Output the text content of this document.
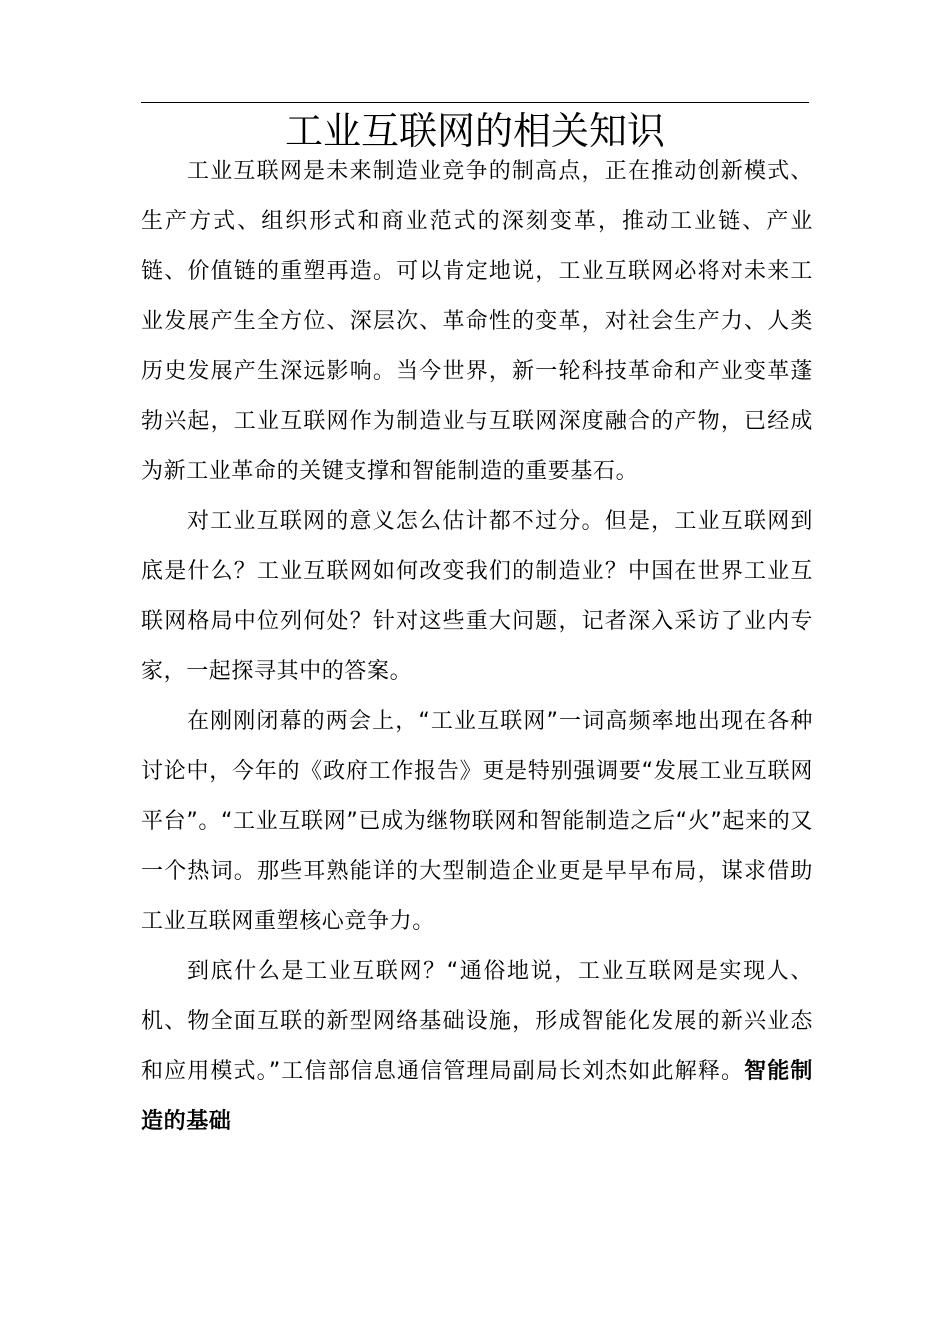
工业互联网的相关知识

工业互联网是未来制造业竞争的制高点，正在推动创新模式、生产方式、组织形式和商业范式的深刻变革，推动工业链、产业链、价值链的重塑再造。可以肯定地说，工业互联网必将对未来工业发展产生全方位、深层次、革命性的变革，对社会生产力、人类历史发展产生深远影响。当今世界，新一轮科技革命和产业变革蓬勃兴起，工业互联网作为制造业与互联网深度融合的产物，已经成为新工业革命的关键支撑和智能制造的重要基石。

对工业互联网的意义怎么估计都不过分。但是，工业互联网到底是什么？工业互联网如何改变我们的制造业？中国在世界工业互联网格局中位列何处？针对这些重大问题，记者深入采访了业内专家，一起探寻其中的答案。

在刚刚闭幕的两会上，“工业互联网”一词高频率地出现在各种讨论中，今年的《政府工作报告》更是特别强调要“发展工业互联网平台”。“工业互联网”已成为继物联网和智能制造之后“火”起来的又一个热词。那些耳熟能详的大型制造企业更是早早布局，谋求借助工业互联网重塑核心竞争力。

到底什么是工业互联网？“通俗地说，工业互联网是实现人、机、物全面互联的新型网络基础设施，形成智能化发展的新兴业态和应用模式。”工信部信息通信管理局副局长刘杰如此解释。智能制造的基础
